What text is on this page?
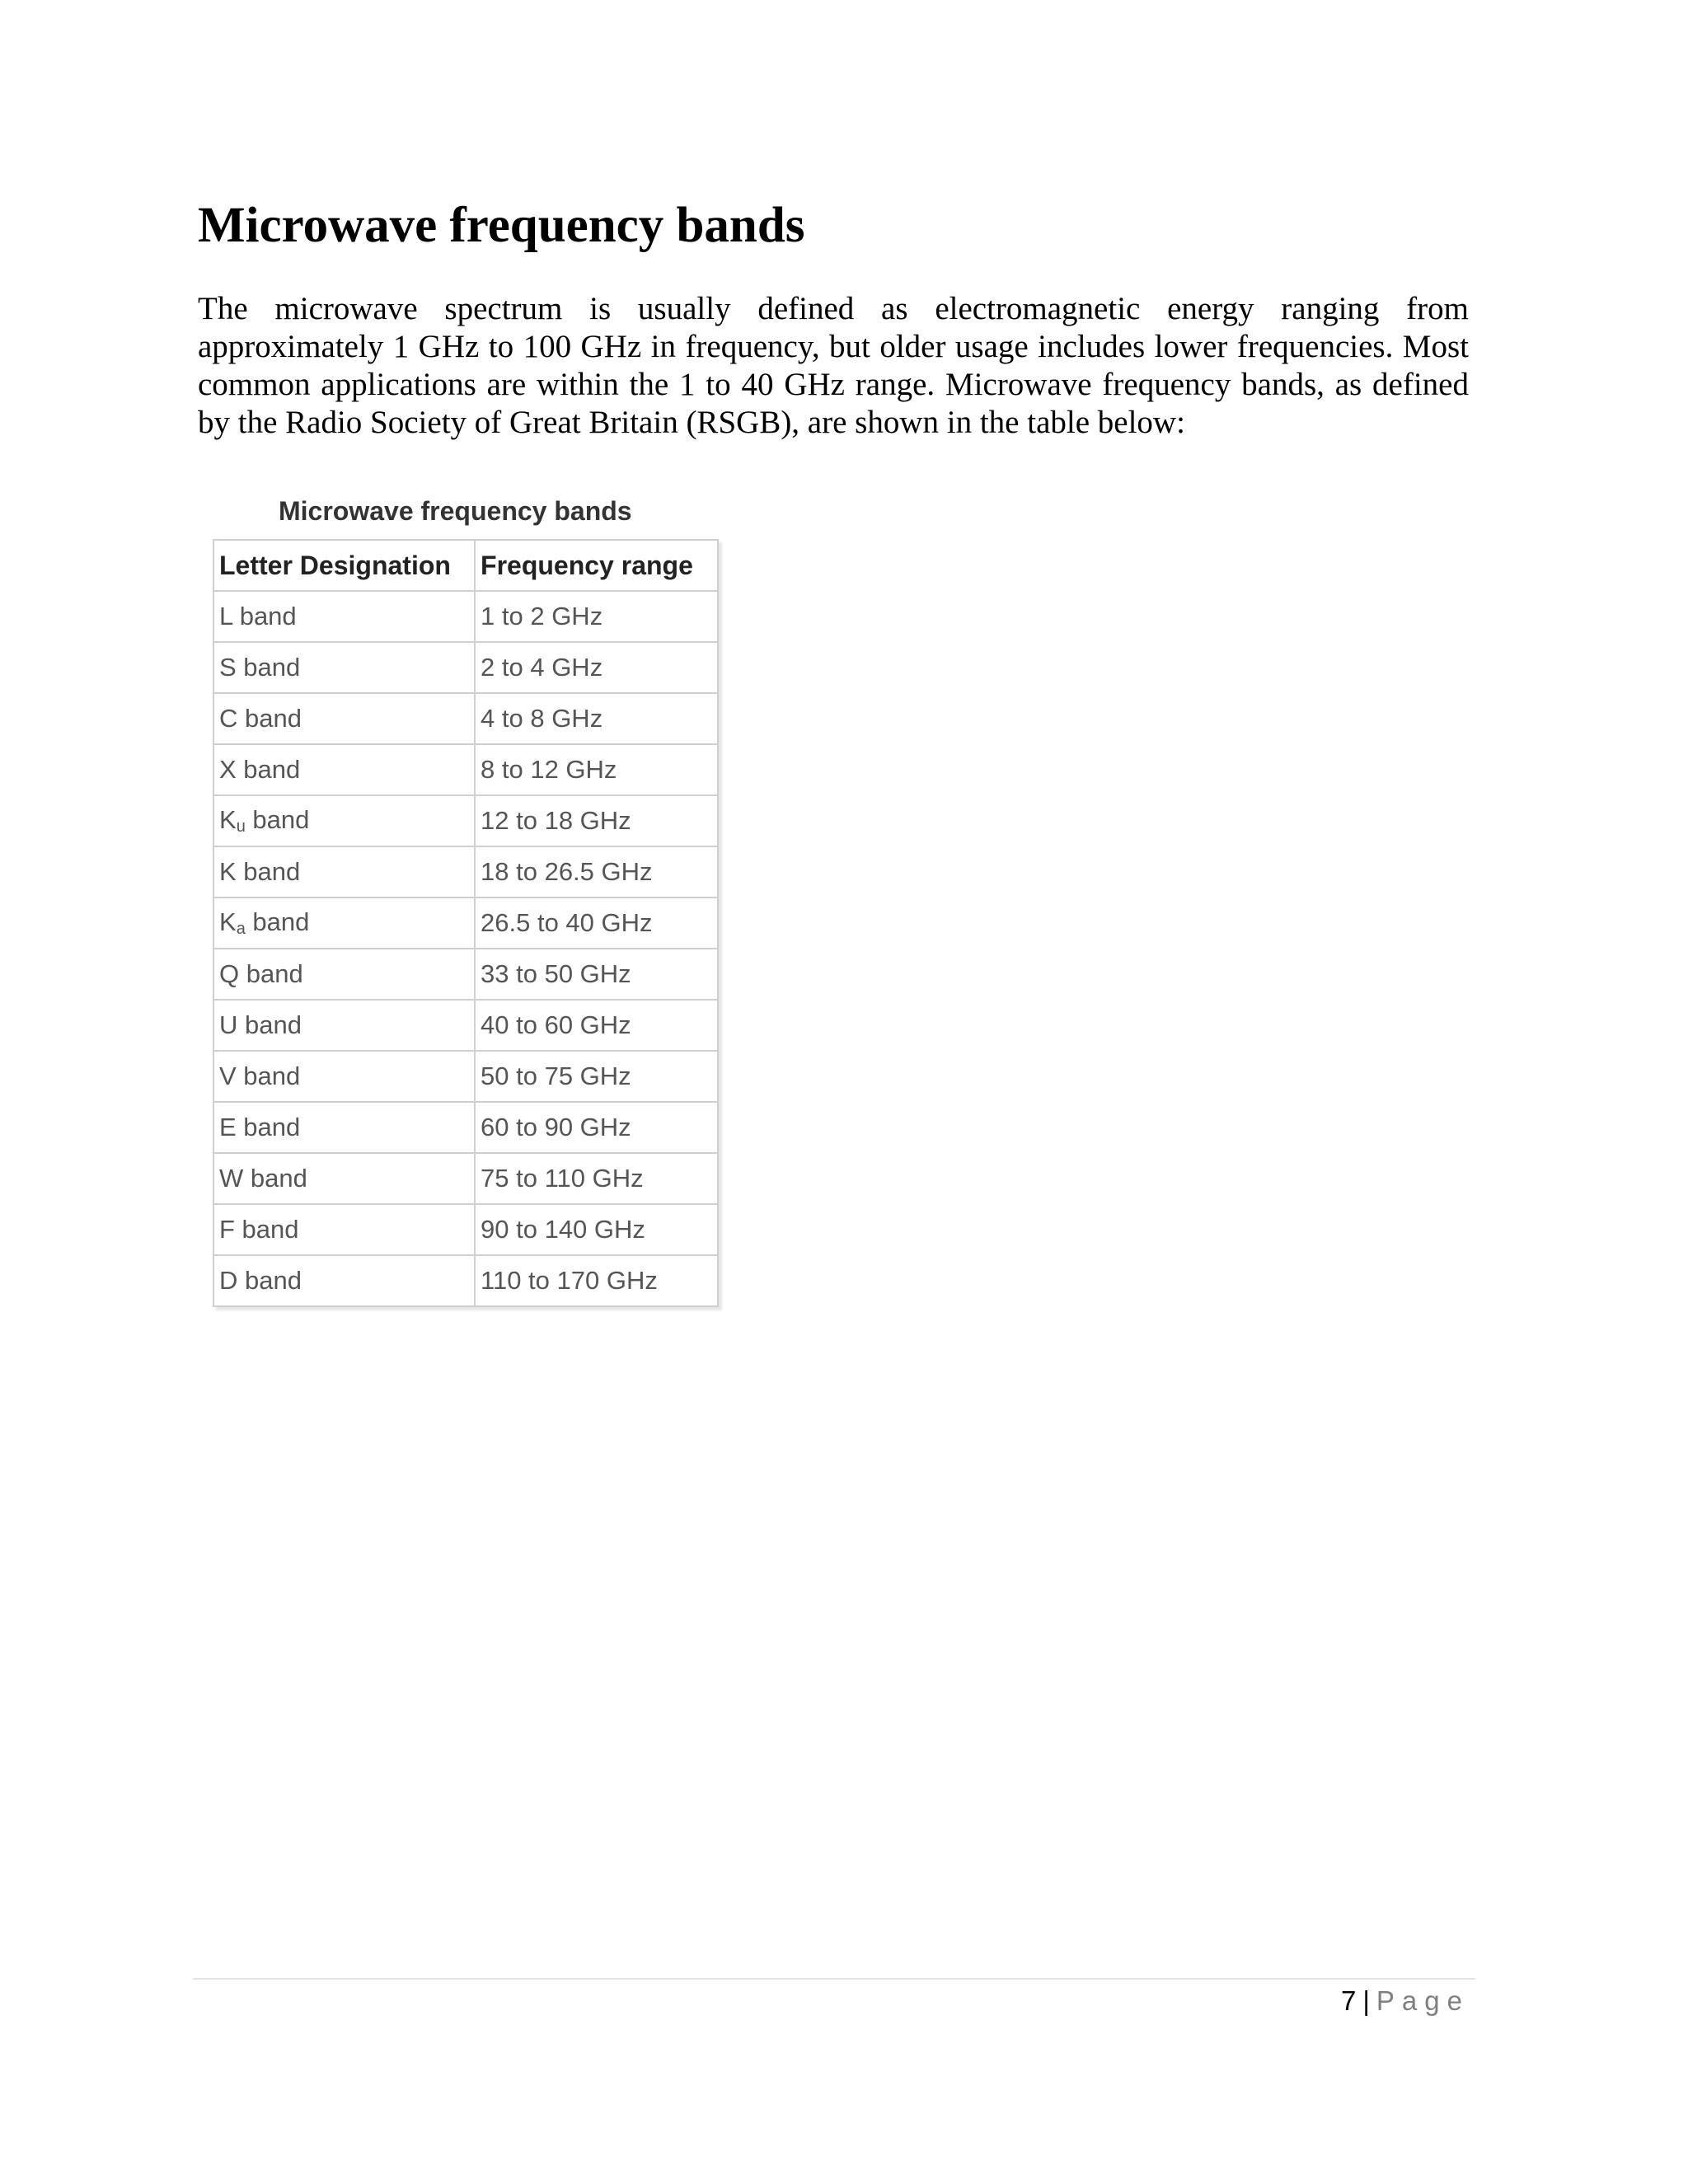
Microwave frequency bands

The microwave spectrum is usually defined as electromagnetic energy ranging from approximately 1 GHz to 100 GHz in frequency, but older usage includes lower frequencies. Most common applications are within the 1 to 40 GHz range. Microwave frequency bands, as defined by the Radio Society of Great Britain (RSGB), are shown in the table below:

Microwave frequency bands
Letter Designation	Frequency range
L band	1 to 2 GHz
S band	2 to 4 GHz
C band	4 to 8 GHz
X band	8 to 12 GHz
$K_u$ band	12 to 18 GHz
K band	18 to 26.5 GHz
$K_a$ band	26.5 to 40 GHz
Q band	33 to 50 GHz
U band	40 to 60 GHz
V band	50 to 75 GHz
E band	60 to 90 GHz
W band	75 to 110 GHz
F band	90 to 140 GHz
D band	110 to 170 GHz
7 | Page
